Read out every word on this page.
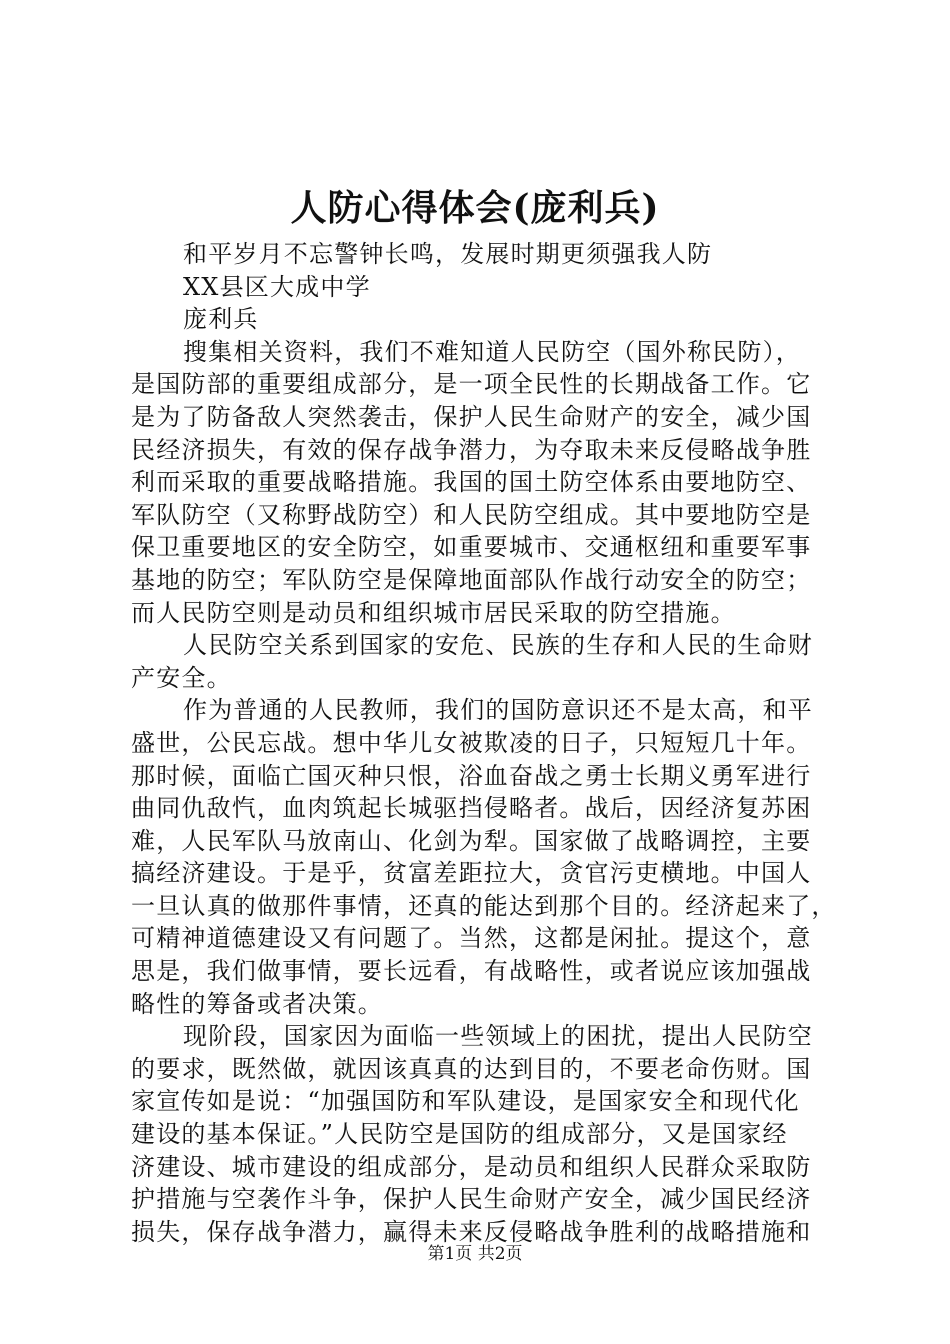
人防心得体会(庞利兵)
和平岁月不忘警钟长鸣，发展时期更须强我人防
XX县区大成中学
庞利兵
搜集相关资料，我们不难知道人民防空（国外称民防），
是国防部的重要组成部分，是一项全民性的长期战备工作。它
是为了防备敌人突然袭击，保护人民生命财产的安全，减少国
民经济损失，有效的保存战争潜力，为夺取未来反侵略战争胜
利而采取的重要战略措施。我国的国土防空体系由要地防空、
军队防空（又称野战防空）和人民防空组成。其中要地防空是
保卫重要地区的安全防空，如重要城市、交通枢纽和重要军事
基地的防空；军队防空是保障地面部队作战行动安全的防空；
而人民防空则是动员和组织城市居民采取的防空措施。
人民防空关系到国家的安危、民族的生存和人民的生命财
产安全。
作为普通的人民教师，我们的国防意识还不是太高，和平
盛世，公民忘战。想中华儿女被欺凌的日子，只短短几十年。
那时候，面临亡国灭种只恨，浴血奋战之勇士长期义勇军进行
曲同仇敌忾，血肉筑起长城驱挡侵略者。战后，因经济复苏困
难，人民军队马放南山、化剑为犁。国家做了战略调控，主要
搞经济建设。于是乎，贫富差距拉大，贪官污吏横地。中国人
一旦认真的做那件事情，还真的能达到那个目的。经济起来了，
可精神道德建设又有问题了。当然，这都是闲扯。提这个，意
思是，我们做事情，要长远看，有战略性，或者说应该加强战
略性的筹备或者决策。
现阶段，国家因为面临一些领域上的困扰，提出人民防空
的要求，既然做，就因该真真的达到目的，不要老命伤财。国
家宣传如是说：“加强国防和军队建设，是国家安全和现代化
建设的基本保证。”人民防空是国防的组成部分，又是国家经
济建设、城市建设的组成部分，是动员和组织人民群众采取防
护措施与空袭作斗争，保护人民生命财产安全，减少国民经济
损失，保存战争潜力，赢得未来反侵略战争胜利的战略措施和
第1页 共2页
